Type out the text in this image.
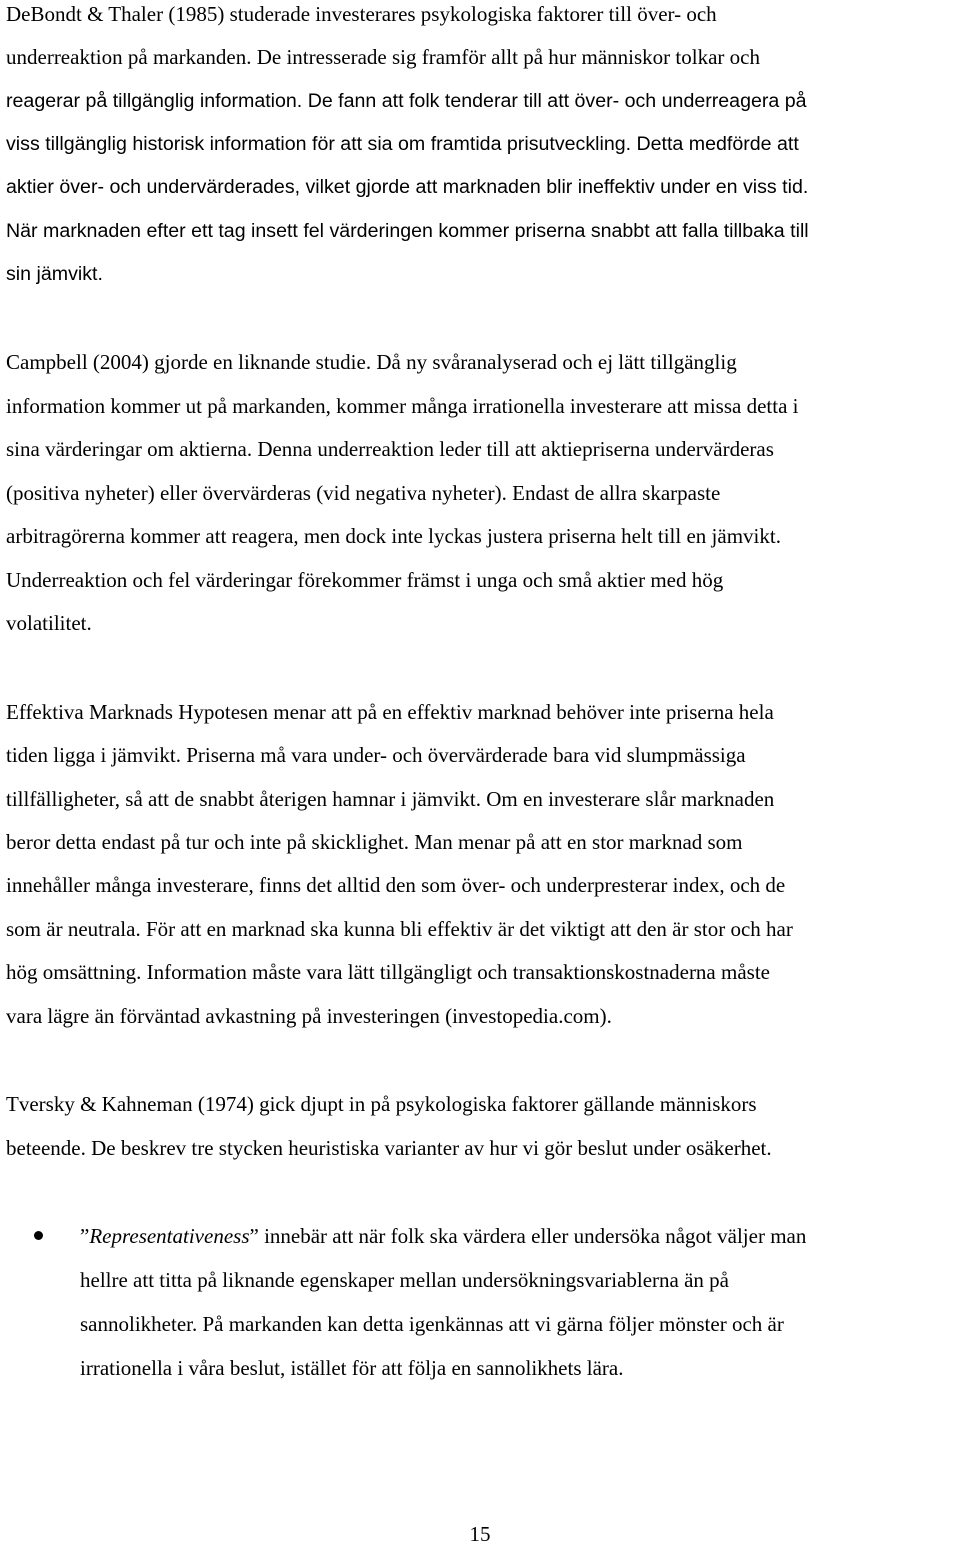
DeBondt & Thaler (1985) studerade investerares psykologiska faktorer till över- och
underreaktion på markanden. De intresserade sig framför allt på hur människor tolkar och
reagerar på tillgänglig information. De fann att folk tenderar till att över- och underreagera på
viss tillgänglig historisk information för att sia om framtida prisutveckling. Detta medförde att
aktier över- och undervärderades, vilket gjorde att marknaden blir ineffektiv under en viss tid.
När marknaden efter ett tag insett fel värderingen kommer priserna snabbt att falla tillbaka till
sin jämvikt.
Campbell (2004) gjorde en liknande studie. Då ny svåranalyserad och ej lätt tillgänglig
information kommer ut på markanden, kommer många irrationella investerare att missa detta i
sina värderingar om aktierna. Denna underreaktion leder till att aktiepriserna undervärderas
(positiva nyheter) eller övervärderas (vid negativa nyheter). Endast de allra skarpaste
arbitragörerna kommer att reagera, men dock inte lyckas justera priserna helt till en jämvikt.
Underreaktion och fel värderingar förekommer främst i unga och små aktier med hög
volatilitet.
Effektiva Marknads Hypotesen menar att på en effektiv marknad behöver inte priserna hela
tiden ligga i jämvikt. Priserna må vara under- och övervärderade bara vid slumpmässiga
tillfälligheter, så att de snabbt återigen hamnar i jämvikt. Om en investerare slår marknaden
beror detta endast på tur och inte på skicklighet. Man menar på att en stor marknad som
innehåller många investerare, finns det alltid den som över- och underpresterar index, och de
som är neutrala. För att en marknad ska kunna bli effektiv är det viktigt att den är stor och har
hög omsättning. Information måste vara lätt tillgängligt och transaktionskostnaderna måste
vara lägre än förväntad avkastning på investeringen (investopedia.com).
Tversky & Kahneman (1974) gick djupt in på psykologiska faktorer gällande människors
beteende. De beskrev tre stycken heuristiska varianter av hur vi gör beslut under osäkerhet.
”Representativeness” innebär att när folk ska värdera eller undersöka något väljer man
hellre att titta på liknande egenskaper mellan undersökningsvariablerna än på
sannolikheter. På markanden kan detta igenkännas att vi gärna följer mönster och är
irrationella i våra beslut, istället för att följa en sannolikhets lära.
15
